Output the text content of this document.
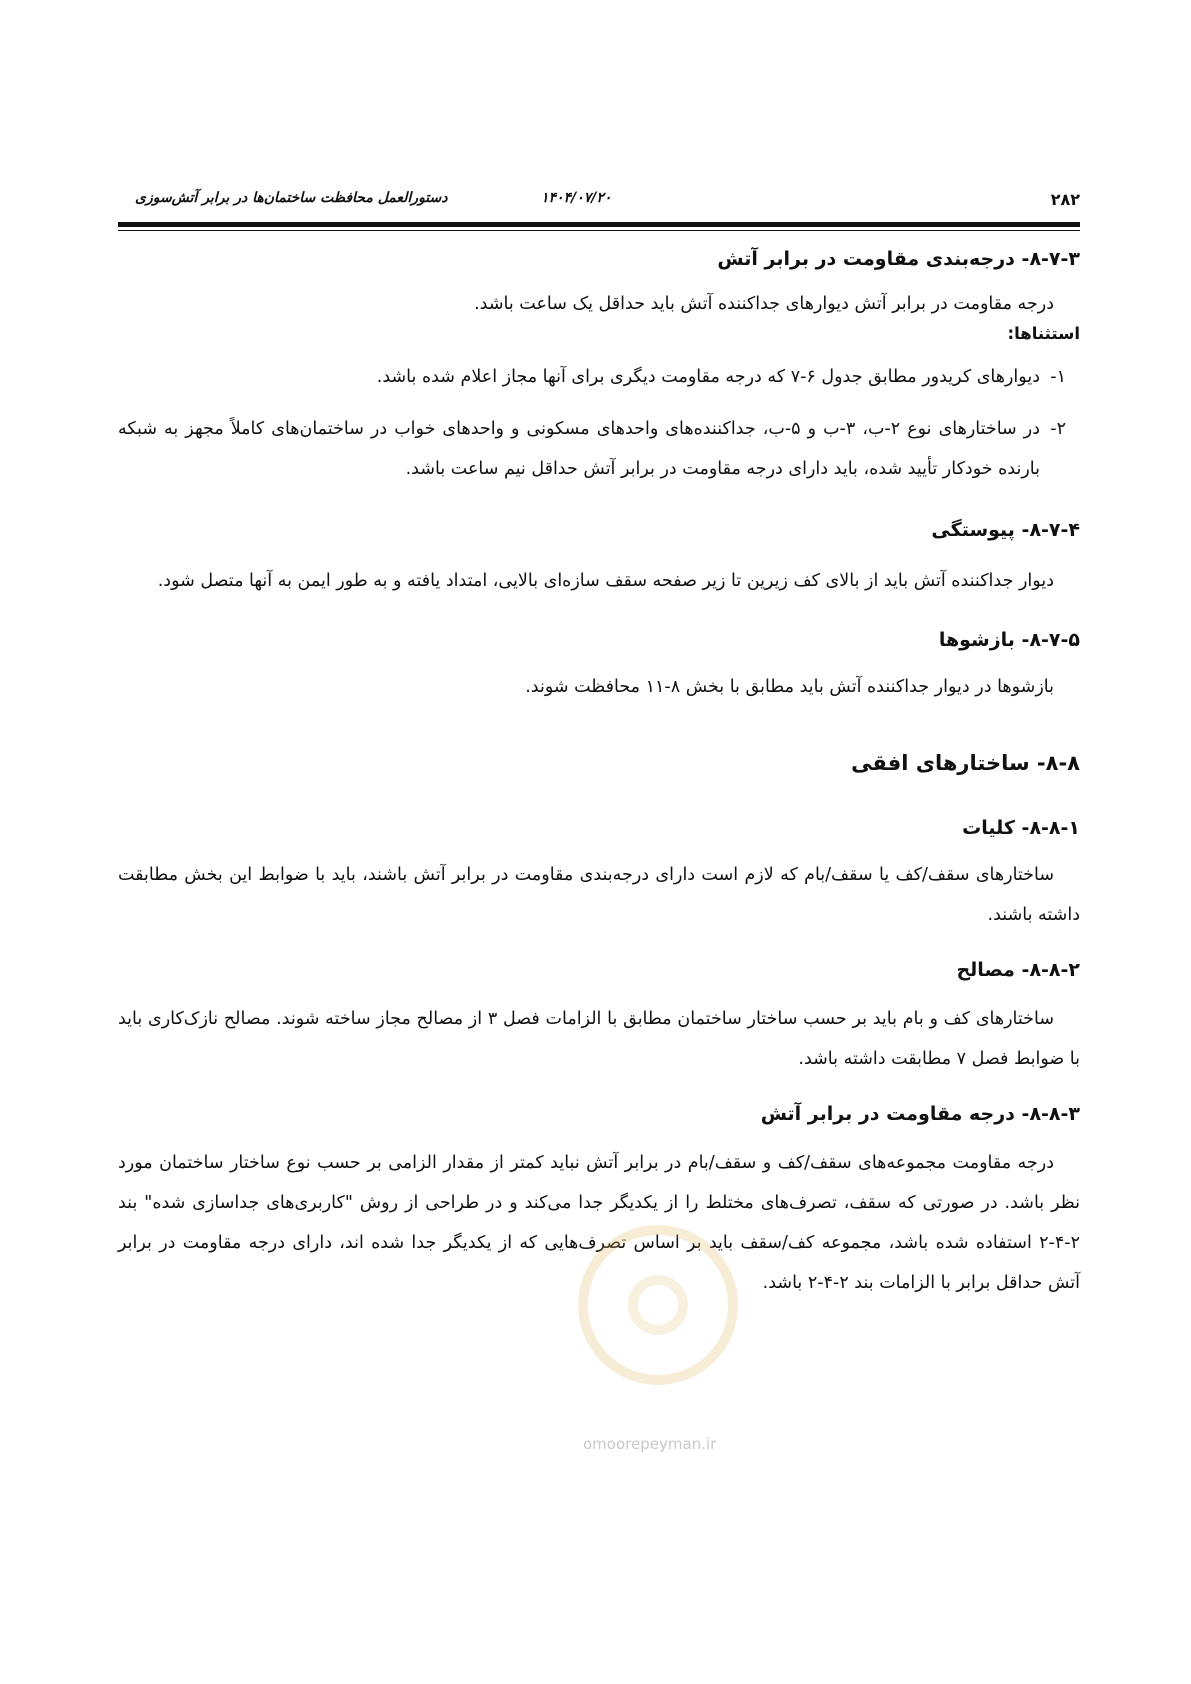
۲۸۲
۱۴۰۴/۰۷/۲۰
دستورالعمل محافظت ساختمان‌ها در برابر آتش‌سوزی
۸-۷-۳- درجه‌بندی مقاومت در برابر آتش

درجه مقاومت در برابر آتش دیوارهای جداکننده آتش باید حداقل یک ساعت باشد.

استثناها:
۱-
دیوارهای کریدور مطابق جدول ۶-۷ که درجه مقاومت دیگری برای آنها مجاز اعلام شده باشد.
۲-
در ساختارهای نوع ۲-ب، ۳-ب و ۵-ب، جداکننده‌های واحدهای مسکونی و واحدهای خواب در ساختمان‌های کاملاً مجهز به شبکه بارنده خودکار تأیید شده، باید دارای درجه مقاومت در برابر آتش حداقل نیم ساعت باشد.
۸-۷-۴- پیوستگی

دیوار جداکننده آتش باید از بالای کف زیرین تا زیر صفحه سقف سازه‌ای بالایی، امتداد یافته و به طور ایمن به آنها متصل شود.

۸-۷-۵- بازشوها

بازشوها در دیوار جداکننده آتش باید مطابق با بخش ۸-۱۱ محافظت شوند.

۸-۸- ساختارهای افقی
۸-۸-۱- کلیات

ساختارهای سقف/کف یا سقف/بام که لازم است دارای درجه‌بندی مقاومت در برابر آتش باشند، باید با ضوابط این بخش مطابقت داشته باشند.

۸-۸-۲- مصالح

ساختارهای کف و بام باید بر حسب ساختار ساختمان مطابق با الزامات فصل ۳ از مصالح مجاز ساخته شوند. مصالح نازک‌کاری باید با ضوابط فصل ۷ مطابقت داشته باشد.

۸-۸-۳- درجه مقاومت در برابر آتش

درجه مقاومت مجموعه‌های سقف/کف و سقف/بام در برابر آتش نباید کمتر از مقدار الزامی بر حسب نوع ساختار ساختمان مورد نظر باشد. در صورتی که سقف، تصرف‌های مختلط را از یکدیگر جدا می‌کند و در طراحی از روش "کاربری‌های جداسازی شده" بند ۲-۴-۲ استفاده شده باشد، مجموعه کف/سقف باید بر اساس تصرف‌هایی که از یکدیگر جدا شده اند، دارای درجه مقاومت در برابر آتش حداقل برابر با الزامات بند ۲-۴-۲ باشد.

omoorepeyman.ir
